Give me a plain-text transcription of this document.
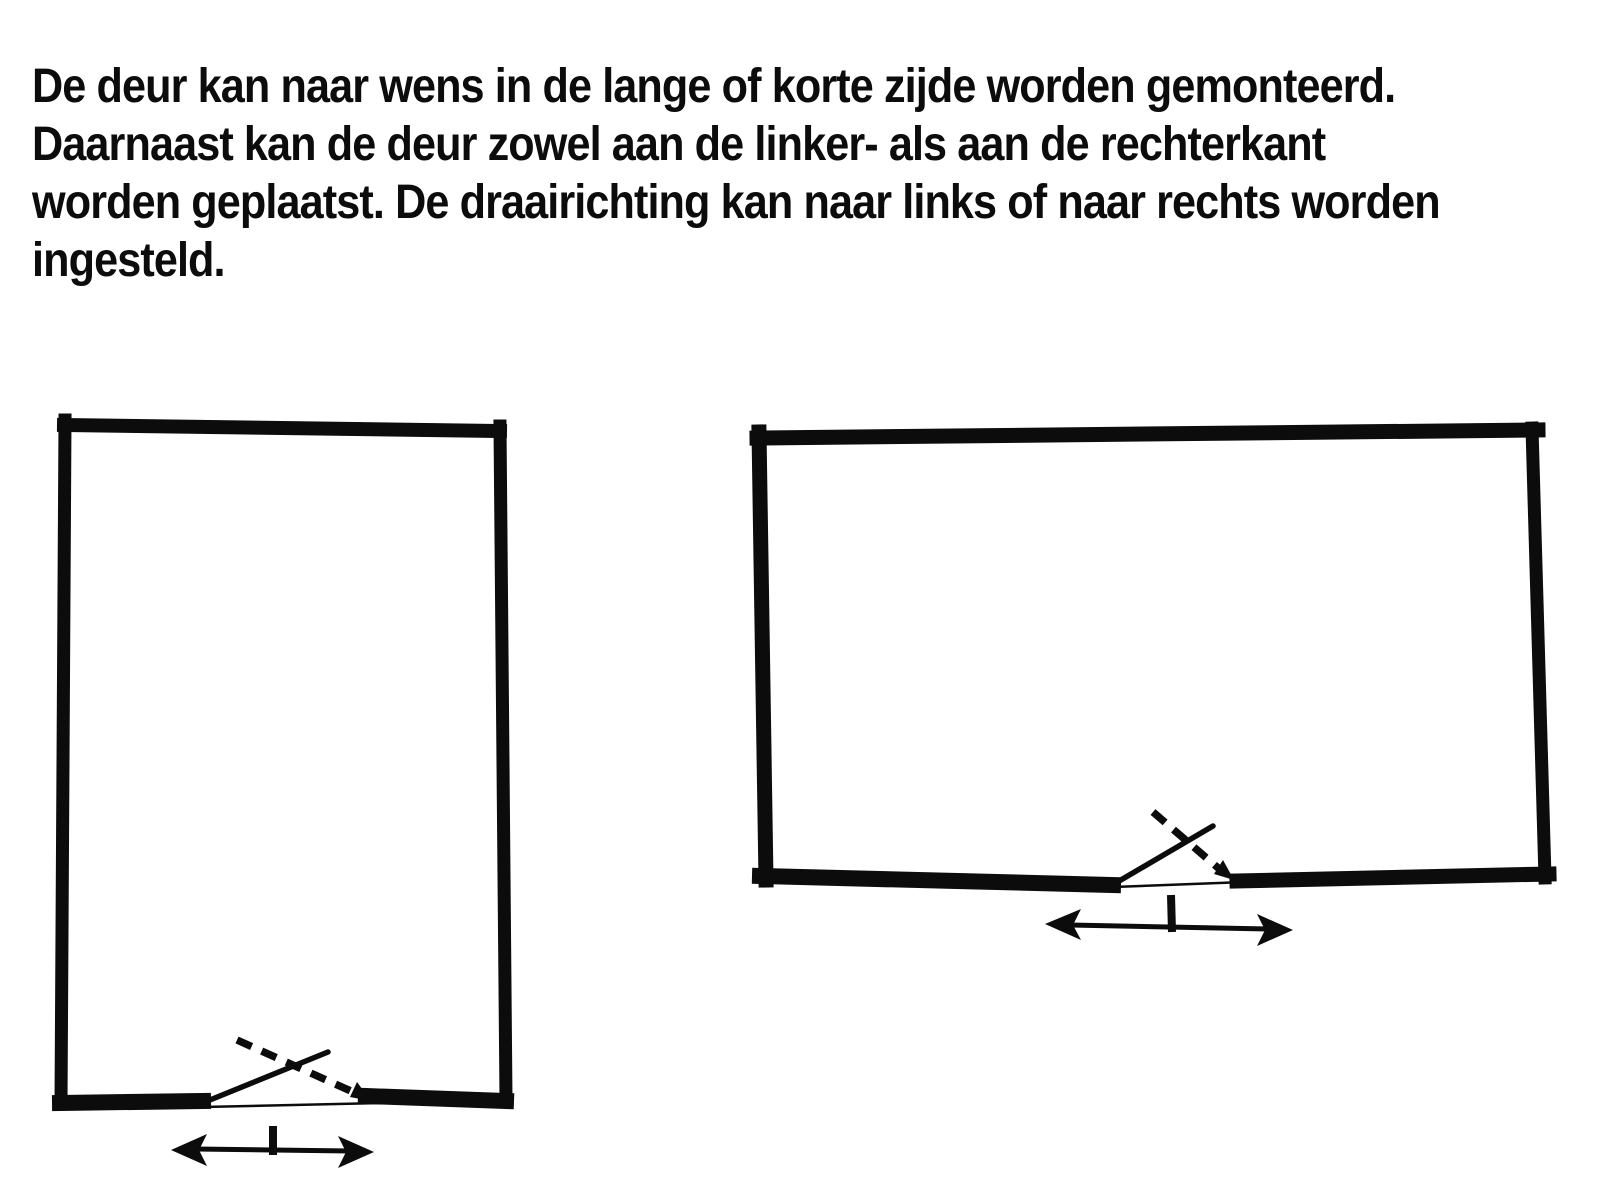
De deur kan naar wens in de lange of korte zijde worden gemonteerd.
Daarnaast kan de deur zowel aan de linker- als aan de rechterkant
worden geplaatst. De draairichting kan naar links of naar rechts worden
ingesteld.
